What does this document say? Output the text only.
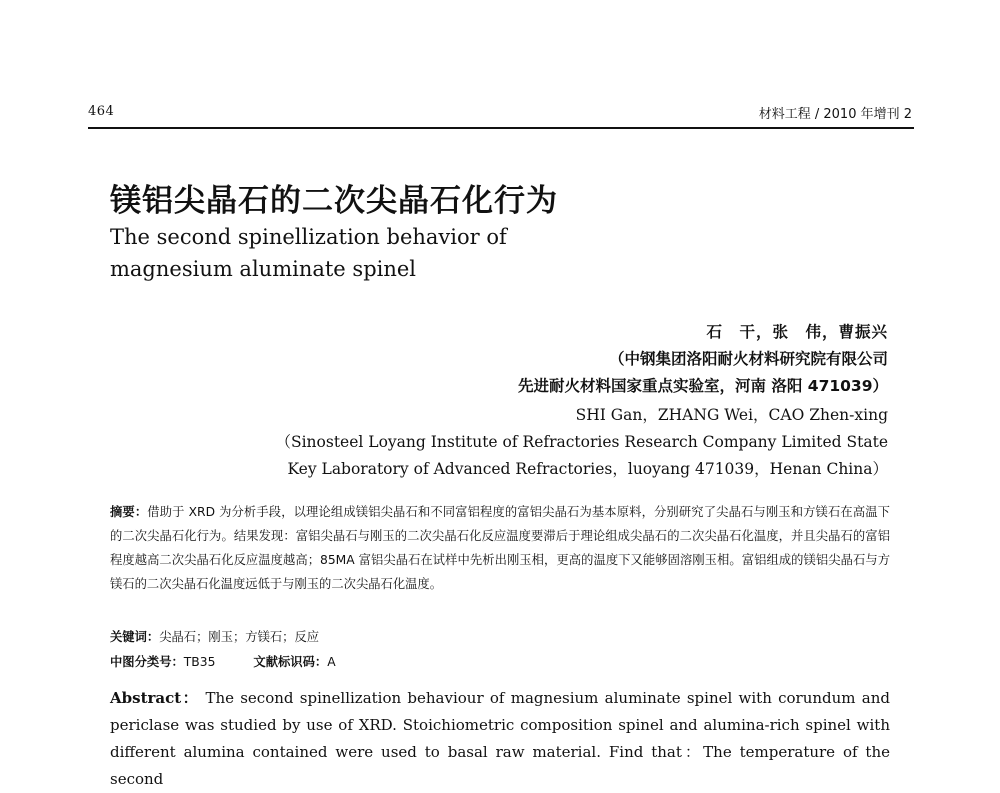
464	材料工程 / 2010 年增刊 2
镁铝尖晶石的二次尖晶石化行为
The second spinellization behavior of
magnesium aluminate spinel
石　干，张　伟，曹振兴
（中钢集团洛阳耐火材料研究院有限公司
先进耐火材料国家重点实验室，河南 洛阳 471039）
SHI Gan，ZHANG Wei，CAO Zhen-xing
（Sinosteel Loyang Institute of Refractories Research Company Limited State
Key Laboratory of Advanced Refractories，luoyang 471039，Henan China）
摘要：借助于 XRD 为分析手段，以理论组成镁铝尖晶石和不同富铝程度的富铝尖晶石为基本原料，分别研究了尖晶石与刚玉和方镁石在高温下的二次尖晶石化行为。结果发现：富铝尖晶石与刚玉的二次尖晶石化反应温度要滞后于理论组成尖晶石的二次尖晶石化温度，并且尖晶石的富铝程度越高二次尖晶石化反应温度越高；85MA 富铝尖晶石在试样中先析出刚玉相，更高的温度下又能够固溶刚玉相。富铝组成的镁铝尖晶石与方镁石的二次尖晶石化温度远低于与刚玉的二次尖晶石化温度。
关键词：尖晶石；刚玉；方镁石；反应
中图分类号：TB35	文献标识码：A
Abstract： The second spinellization behaviour of magnesium aluminate spinel with corundum and periclase was studied by use of XRD. Stoichiometric composition spinel and alumina-rich spinel with different alumina contained were used to basal raw material. Find that：The temperature of the second
